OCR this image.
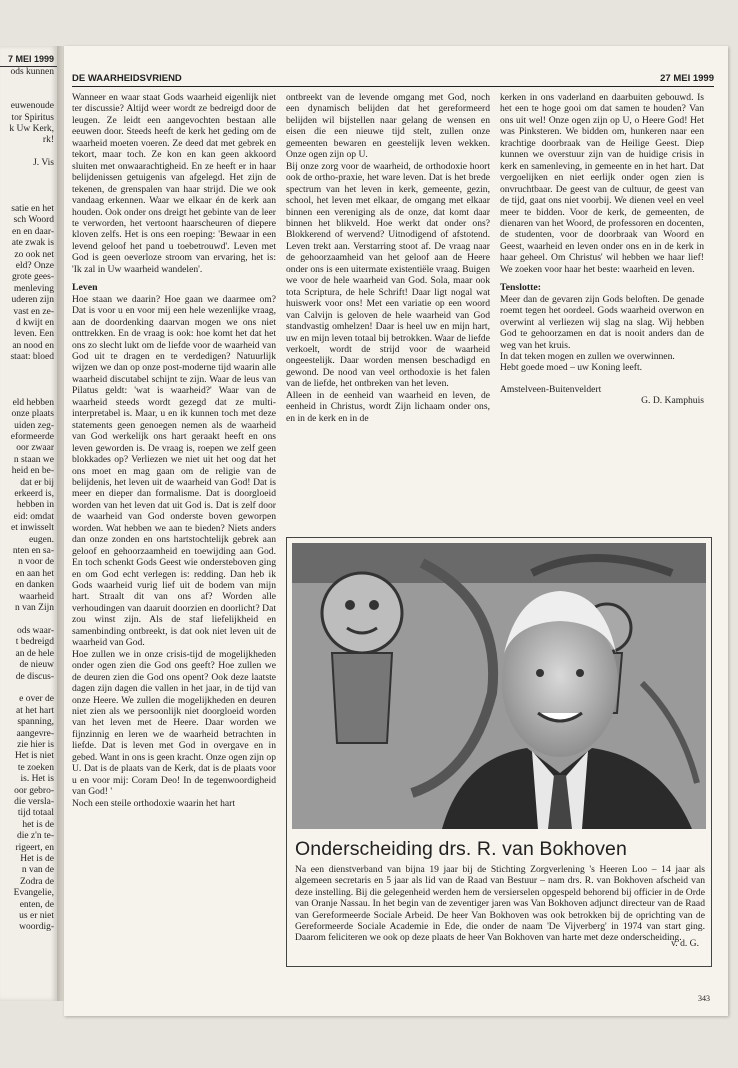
7 MEI 1999
ods kunnen

euwenoude
tor Spiritus
k Uw Kerk,
rk!

J. Vis

satie en het
sch Woord
en en daar-
ate zwak is
zo ook net
eld? Onze
grote gees-
menleving
uderen zijn
vast en ze-
d kwijt en
leven. Een
an nood en
staat: bloed

eld hebben
onze plaats
uiden zeg-
eformeerde
oor zwaar
n staan we
heid en be-
dat er bij
erkeerd is,
hebben in
eid: omdat
et inwisselt
eugen.
nten en sa-
n voor de
en aan het
en danken
waarheid
n van Zijn

ods waar-
t bedreigd
an de hele
de nieuw
de discus-

e over de
at het hart
spanning,
aangevre-
zie hier is
Het is niet
te zoeken
is. Het is
oor gebro-
die versla-
tijd totaal
het is de
die z'n te-
rigeert, en
Het is de
n van de
Zodra de
Evangelie,
enten, de
us er niet
woordig-
DE WAARHEIDSVRIEND	27 MEI 1999

Wanneer en waar staat Gods waarheid eigenlijk niet ter discussie? Altijd weer wordt ze bedreigd door de leugen. Ze leidt een aangevochten bestaan alle eeuwen door. Steeds heeft de kerk het geding om de waarheid moeten voeren. Ze deed dat met gebrek en tekort, maar toch. Ze kon en kan geen akkoord sluiten met onwaarachtigheid. En ze heeft er in haar belijdenissen getuigenis van afgelegd. Het zijn de tekenen, de grenspalen van haar strijd. Die we ook vandaag erkennen. Waar we elkaar én de kerk aan houden. Ook onder ons dreigt het gebinte van de leer te verworden, het vertoont haarscheuren of diepere kloven zelfs. Het is ons een roeping: 'Bewaar in een levend geloof het pand u toebetrouwd'. Leven met God is geen oeverloze stroom van ervaring, het is: 'Ik zal in Uw waarheid wandelen'.

Leven

Hoe staan we daarin? Hoe gaan we daarmee om? Dat is voor u en voor mij een hele wezenlijke vraag, aan de doordenking daarvan mogen we ons niet onttrekken. En de vraag is ook: hoe komt het dat het ons zo slecht lukt om de liefde voor de waarheid van God uit te dragen en te verdedigen? Natuurlijk wijzen we dan op onze post-moderne tijd waarin alle waarheid discutabel schijnt te zijn. Waar de leus van Pilatus geldt: 'wat is waarheid?' Waar van de waarheid steeds wordt gezegd dat ze multi-interpretabel is. Maar, u en ik kunnen toch met deze statements geen genoegen nemen als de waarheid van God werkelijk ons hart geraakt heeft en ons leven geworden is. De vraag is, roepen we zelf geen blokkades op? Verliezen we niet uit het oog dat het ons moet en mag gaan om de religie van de belijdenis, het leven uit de waarheid van God! Dat is meer en dieper dan formalisme. Dat is doorgloeid worden van het leven dat uit God is. Dat is zelf door de waarheid van God onderste boven geworpen worden. Wat hebben we aan te bieden? Niets anders dan onze zonden en ons hartstochtelijk gebrek aan geloof en gehoorzaamheid en toewijding aan God. En toch schenkt Gods Geest wie ondersteboven ging en om God echt verlegen is: redding. Dan heb ik Gods waarheid vurig lief uit de bodem van mijn hart. Straalt dit van ons af? Worden alle verhoudingen van daaruit doorzien en doorlicht? Dat zou winst zijn. Als de staf liefelijkheid en samenbinding ontbreekt, is dat ook niet leven uit de waarheid van God.

Hoe zullen we in onze crisis-tijd de mogelijkheden onder ogen zien die God ons geeft? Hoe zullen we de deuren zien die God ons opent? Ook deze laatste dagen zijn dagen die vallen in het jaar, in de tijd van onze Heere. We zullen die mogelijkheden en deuren niet zien als we persoonlijk niet doorgloeid worden van het leven met de Heere. Daar worden we fijnzinnig en leren we de waarheid betrachten in liefde. Dat is leven met God in overgave en in gebed. Want in ons is geen kracht. Onze ogen zijn op U. Dat is de plaats van de Kerk, dat is de plaats voor u en voor mij: Coram Deo! In de tegenwoordigheid van God! '

Noch een steile orthodoxie waarin het hart

ontbreekt van de levende omgang met God, noch een dynamisch belijden dat het gereformeerd belijden wil bijstellen naar gelang de wensen en eisen die een nieuwe tijd stelt, zullen onze gemeenten bewaren en geestelijk leven wekken. Onze ogen zijn op U.

Bij onze zorg voor de waarheid, de orthodoxie hoort ook de ortho-praxie, het ware leven. Dat is het brede spectrum van het leven in kerk, gemeente, gezin, school, het leven met elkaar, de omgang met elkaar binnen een vereniging als de onze, dat komt daar binnen het blikveld. Hoe werkt dat onder ons? Blokkerend of wervend? Uitnodigend of afstotend. Leven trekt aan. Verstarring stoot af. De vraag naar de gehoorzaamheid van het geloof aan de Heere onder ons is een uitermate existentiële vraag. Buigen we voor de hele waarheid van God. Sola, maar ook tota Scriptura, de hele Schrift! Daar ligt nogal wat huiswerk voor ons! Met een variatie op een woord van Calvijn is geloven de hele waarheid van God standvastig omhelzen! Daar is heel uw en mijn hart, uw en mijn leven totaal bij betrokken. Waar de liefde verkoelt, wordt de strijd voor de waarheid ongeestelijk. Daar worden mensen beschadigd en gewond. De nood van veel orthodoxie is het falen van de liefde, het ontbreken van het leven.

Alleen in de eenheid van waarheid en leven, de eenheid in Christus, wordt Zijn lichaam onder ons, en in de kerk en in de

kerken in ons vaderland en daarbuiten gebouwd. Is het een te hoge gooi om dat samen te houden? Van ons uit wel! Onze ogen zijn op U, o Heere God! Het was Pinksteren. We bidden om, hunkeren naar een krachtige doorbraak van de Heilige Geest. Diep kunnen we overstuur zijn van de huidige crisis in kerk en samenleving, in gemeente en in het hart. Dat vergoelijken en niet eerlijk onder ogen zien is onvruchtbaar. De geest van de cultuur, de geest van de tijd, gaat ons niet voorbij. We dienen veel en veel meer te bidden. Voor de kerk, de gemeenten, de dienaren van het Woord, de professoren en docenten, de studenten, voor de doorbraak van Woord en Geest, waarheid en leven onder ons en in de kerk in haar geheel. Om Christus' wil hebben we haar lief! We zoeken voor haar het beste: waarheid en leven.

Tenslotte:

Meer dan de gevaren zijn Gods beloften. De genade roemt tegen het oordeel. Gods waarheid overwon en overwint al verliezen wij slag na slag. Wij hebben God te gehoorzamen en dat is nooit anders dan de weg van het kruis.

In dat teken mogen en zullen we overwinnen.

Hebt goede moed – uw Koning leeft.

Amstelveen-Buitenveldert

G. D. Kamphuis

Onderscheiding drs. R. van Bokhoven
Na een dienstverband van bijna 19 jaar bij de Stichting Zorgverlening 's Heeren Loo – 14 jaar als algemeen secretaris en 5 jaar als lid van de Raad van Bestuur – nam drs. R. van Bokhoven afscheid van deze instelling. Bij die gelegenheid werden hem de versierselen opgespeld behorend bij officier in de Orde van Oranje Nassau. In het begin van de zeventiger jaren was Van Bokhoven adjunct directeur van de Raad van Gereformeerde Sociale Arbeid. De heer Van Bokhoven was ook betrokken bij de oprichting van de Gereformeerde Sociale Academie in Ede, die onder de naam 'De Vijverberg' in 1974 van start ging. Daarom feliciteren we ook op deze plaats de heer Van Bokhoven van harte met deze onderscheiding.
v. d. G.
343
